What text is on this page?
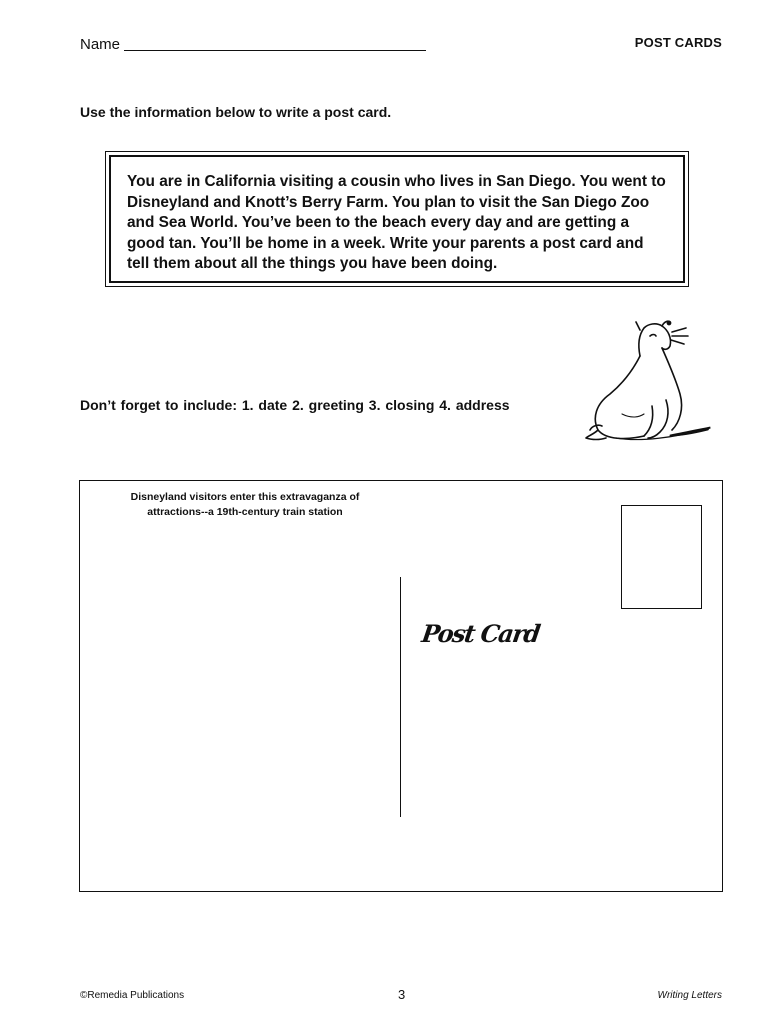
Name	POST CARDS
Use the information below to write a post card.

You are in California visiting a cousin who lives in San Diego. You went to Disneyland and Knott’s Berry Farm. You plan to visit the San Diego Zoo and Sea World. You’ve been to the beach every day and are getting a good tan. You’ll be home in a week. Write your parents a post card and tell them about all the things you have been doing.

Don’t forget to include: 1. date 2. greeting 3. closing 4. address
Disneyland visitors enter this extravaganza of
attractions--a 19th-century train station
Post Card
©Remedia Publications	3	Writing Letters
